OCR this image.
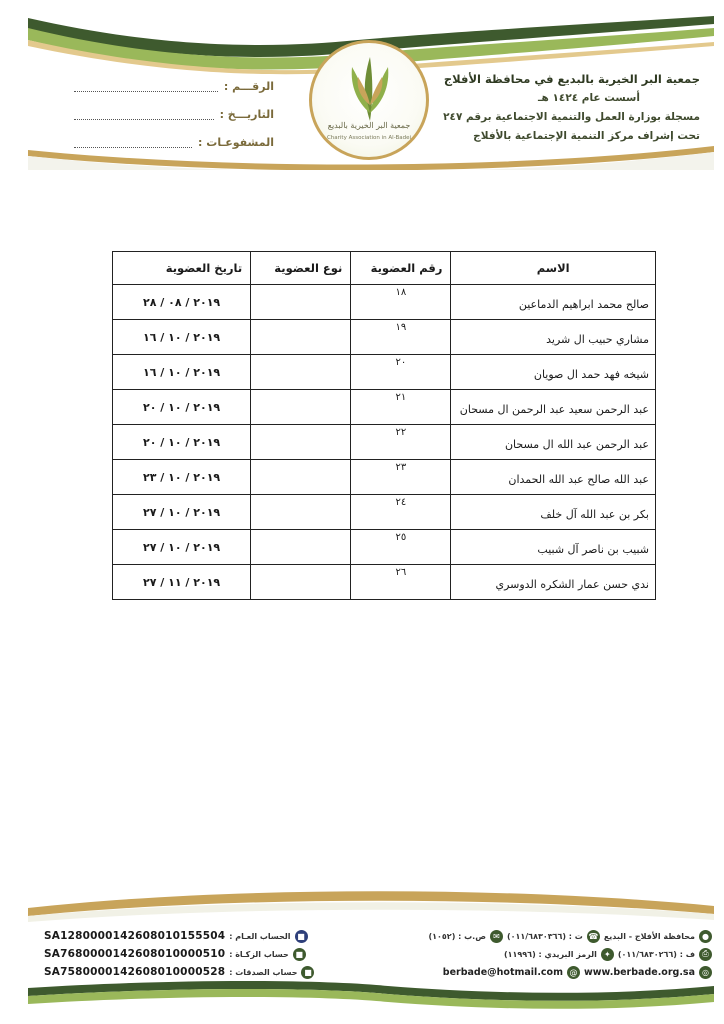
جمعية البر الخيرية بالبديع
Charity Association in Al-Badei
جمعية البر الخيرية بالبديع في محافظة الأفلاج
أسست عام ١٤٢٤ هـ
مسجلة بوزارة العمل والتنمية الاجتماعية برقم ٢٤٧
تحت إشراف مركز التنمية الإجتماعية بالأفلاج
الرقـــم :
التاريـــخ :
المشفوعـات :
الاسم	رقم العضوية	نوع العضوية	تاريخ العضوية
صالح محمد ابراهيم الدماعين	١٨		٢٠١٩ / ٠٨ / ٢٨
مشاري حبيب ال شريد	١٩		٢٠١٩ / ١٠ / ١٦
شيخه فهد حمد ال صويان	٢٠		٢٠١٩ / ١٠ / ١٦
عبد الرحمن سعيد عبد الرحمن ال مسحان	٢١		٢٠١٩ / ١٠ / ٢٠
عبد الرحمن عبد الله ال مسحان	٢٢		٢٠١٩ / ١٠ / ٢٠
عبد الله صالح عبد الله الحمدان	٢٣		٢٠١٩ / ١٠ / ٢٣
بكر بن عبد الله آل خلف	٢٤		٢٠١٩ / ١٠ / ٢٧
شبيب بن ناصر آل شبيب	٢٥		٢٠١٩ / ١٠ / ٢٧
ندي حسن عمار الشكره الدوسري	٢٦		٢٠١٩ / ١١ / ٢٧
SA1280000142608010155504 الحساب العـام : ■
SA7680000142608010000510 حساب الزكـاة : ■
SA7580000142608010000528 حساب الصدقات : ■
●
محافظة الأفلاج - البديع
☎
ت : (٠١١/٦٨٣٠٣٦٦)
✉
ص.ب : (١٠٥٢)
⎙
ف : (٠١١/٦٨٣٠٢٦٦)
✦
الرمز البريدي : (١١٩٩٦)
◎
www.berbade.org.sa
@
berbade@hotmail.com
